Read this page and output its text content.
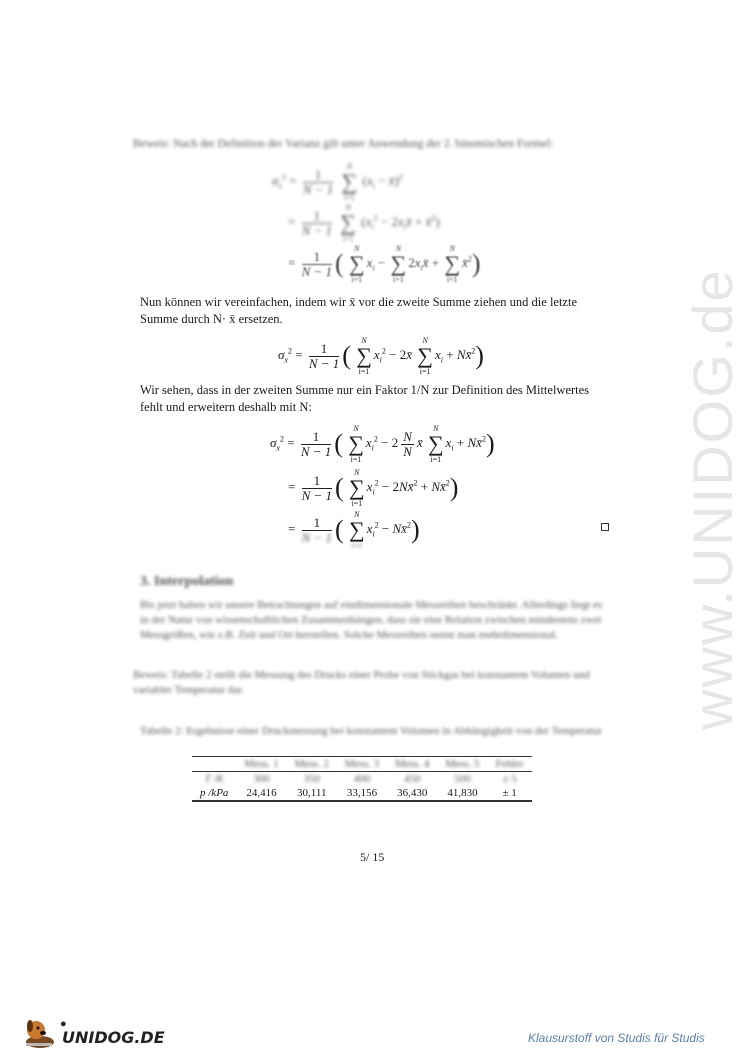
www.UNIDOG.de
Beweis: Nach der Definition der Varianz gilt unter Anwendung der 2. binomischen Formel:
$\sigma_x^2 = \frac{1}{N - 1}$

N
∑
i=1
($x_i$ − x̄)$^2$
= $\frac{1}{N - 1}$

N
∑
i=1
($x_i^2$ − $2x_ix̄$ + x̄$^2$)
= $\frac{1}{N - 1}$ (
N
∑
i=1
$x_i$ −
N
∑
i=1
$2x_ix̄$ +
N
∑
i=1
x̄$^2$)
Nun können wir vereinfachen, indem wir x̄ vor die zweite Summe ziehen und die letzte Summe durch N· x̄ ersetzen.
$\sigma_x^2 = \frac{1}{N - 1}$ (
N
∑
i=1
$x_i^2$ − 2x̄
N
∑
i=1
$x_i$ + Nx̄$^2$)
Wir sehen, dass in der zweiten Summe nur ein Faktor 1/N zur Definition des Mittelwertes fehlt und erweitern deshalb mit N:
$\sigma_x^2 = \frac{1}{N - 1}$ (
N
∑
i=1
$x_i^2 - 2 \frac{N}{N}$ x̄
N
∑
i=1
$x_i$ + Nx̄$^2$)
= $\frac{1}{N - 1}$ (
N
∑
i=1
$x_i^2$ − 2Nx̄$^2$ + Nx̄$^2$)
= $\frac{1}{N - 1}$ (
N
∑
i=1
$x_i^2$ − Nx̄$^2$)
3. Interpolation
Bis jetzt haben wir unsere Betrachtungen auf eindimensionale Messreihen beschränkt. Allerdings liegt es in der Natur von wissenschaftlichen Zusammenhängen, dass sie eine Relation zwischen mindestens zwei Messgrößen, wie z.B. Zeit und Ort herstellen. Solche Messreihen nennt man mehrdimensional.
Beweis: Tabelle 2 stellt die Messung des Drucks einer Probe von Stickgas bei konstantem Volumen und variabler Temperatur dar.
Tabelle 2: Ergebnisse einer Druckmessung bei konstantem Volumen in Abhängigkeit von der Temperatur
	Mess. 1	Mess. 2	Mess. 3	Mess. 4	Mess. 5	Fehler
T /K	300	350	400	450	500	± 5
p /kPa	24,416	30,111	33,156	36,430	41,830	± 1
5/ 15
●
UNIDOG.DE	Klausurstoff von Studis für Studis
